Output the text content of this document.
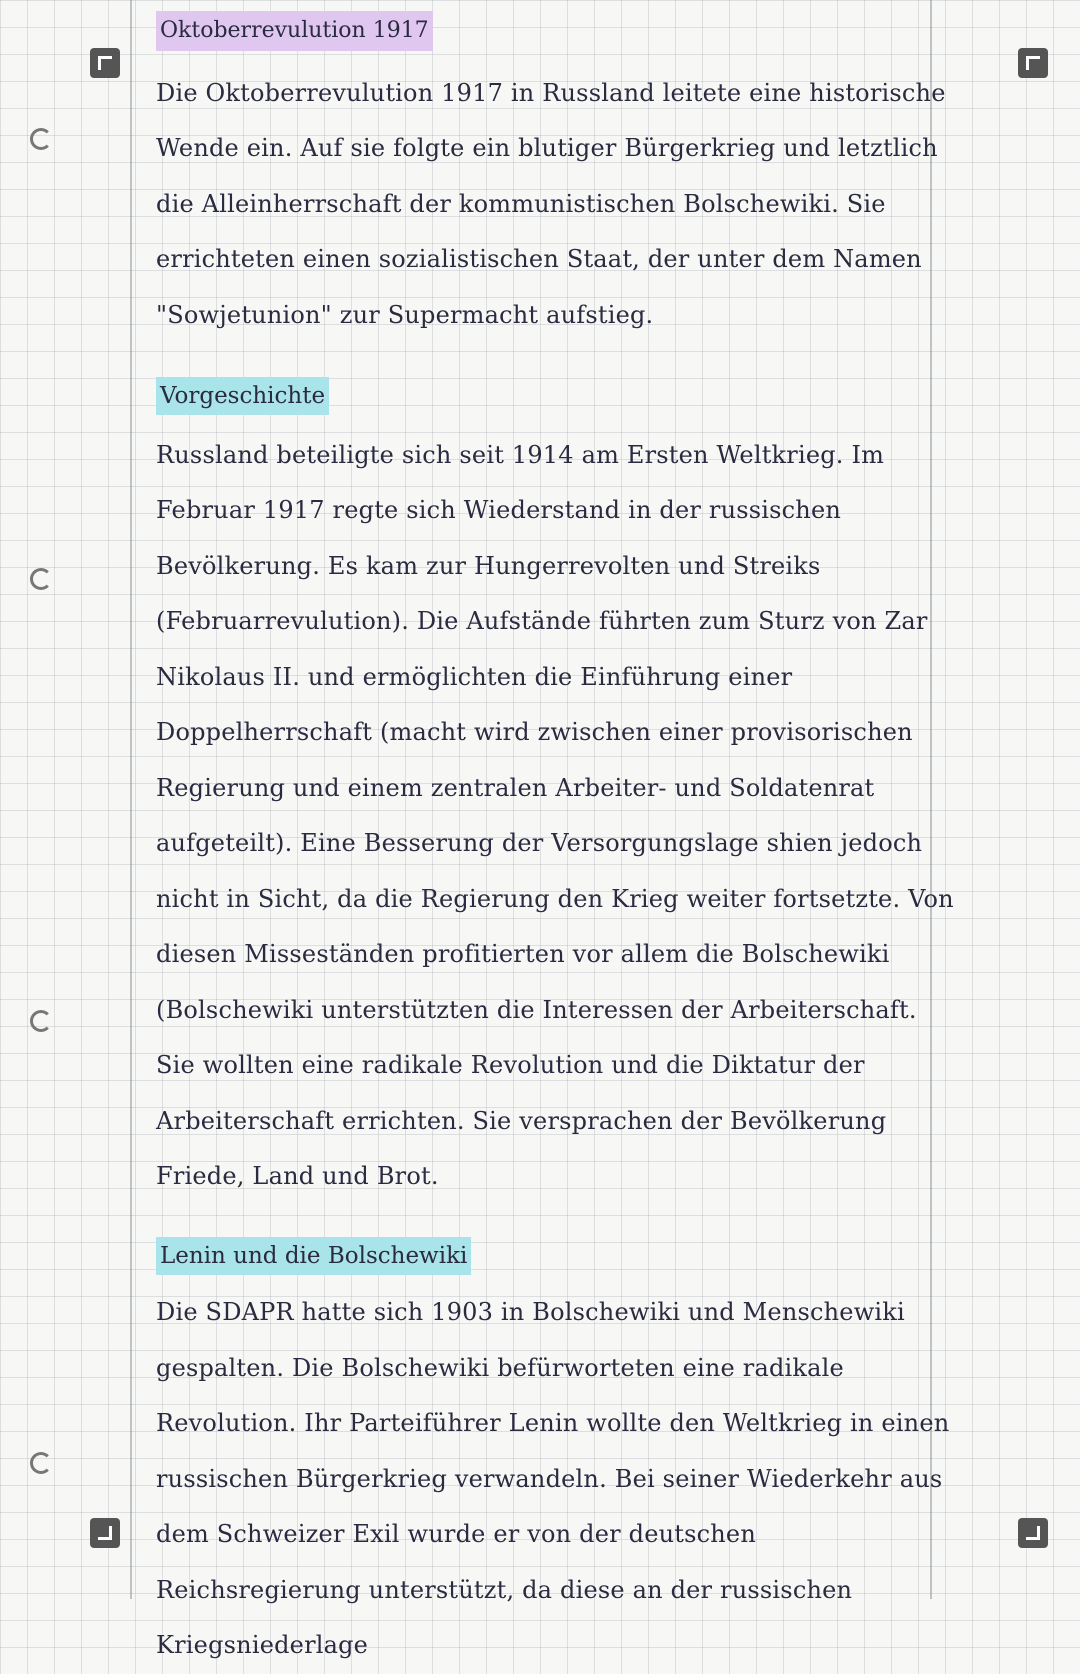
Oktoberrevulution 1917

Die Oktoberrevulution 1917 in Russland leitete eine historische Wende ein. Auf sie folgte ein blutiger Bürgerkrieg und letztlich die Alleinherrschaft der kommunistischen Bolschewiki. Sie errichteten einen sozialistischen Staat, der unter dem Namen "Sowjetunion" zur Supermacht aufstieg.

Vorgeschichte

Russland beteiligte sich seit 1914 am Ersten Weltkrieg. Im Februar 1917 regte sich Wiederstand in der russischen Bevölkerung. Es kam zur Hungerrevolten und Streiks (Februarrevulution). Die Aufstände führten zum Sturz von Zar Nikolaus II. und ermöglichten die Einführung einer Doppelherrschaft (macht wird zwischen einer provisorischen Regierung und einem zentralen Arbeiter- und Soldatenrat aufgeteilt). Eine Besserung der Versorgungslage shien jedoch nicht in Sicht, da die Regierung den Krieg weiter fortsetzte. Von diesen Misseständen profitierten vor allem die Bolschewiki (Bolschewiki unterstützten die Interessen der Arbeiterschaft. Sie wollten eine radikale Revolution und die Diktatur der Arbeiterschaft errichten. Sie versprachen der Bevölkerung Friede, Land und Brot.

Lenin und die Bolschewiki

Die SDAPR hatte sich 1903 in Bolschewiki und Menschewiki gespalten. Die Bolschewiki befürworteten eine radikale Revolution. Ihr Parteiführer Lenin wollte den Weltkrieg in einen russischen Bürgerkrieg verwandeln. Bei seiner Wiederkehr aus dem Schweizer Exil wurde er von der deutschen Reichsregierung unterstützt, da diese an der russischen Kriegsniederlage
